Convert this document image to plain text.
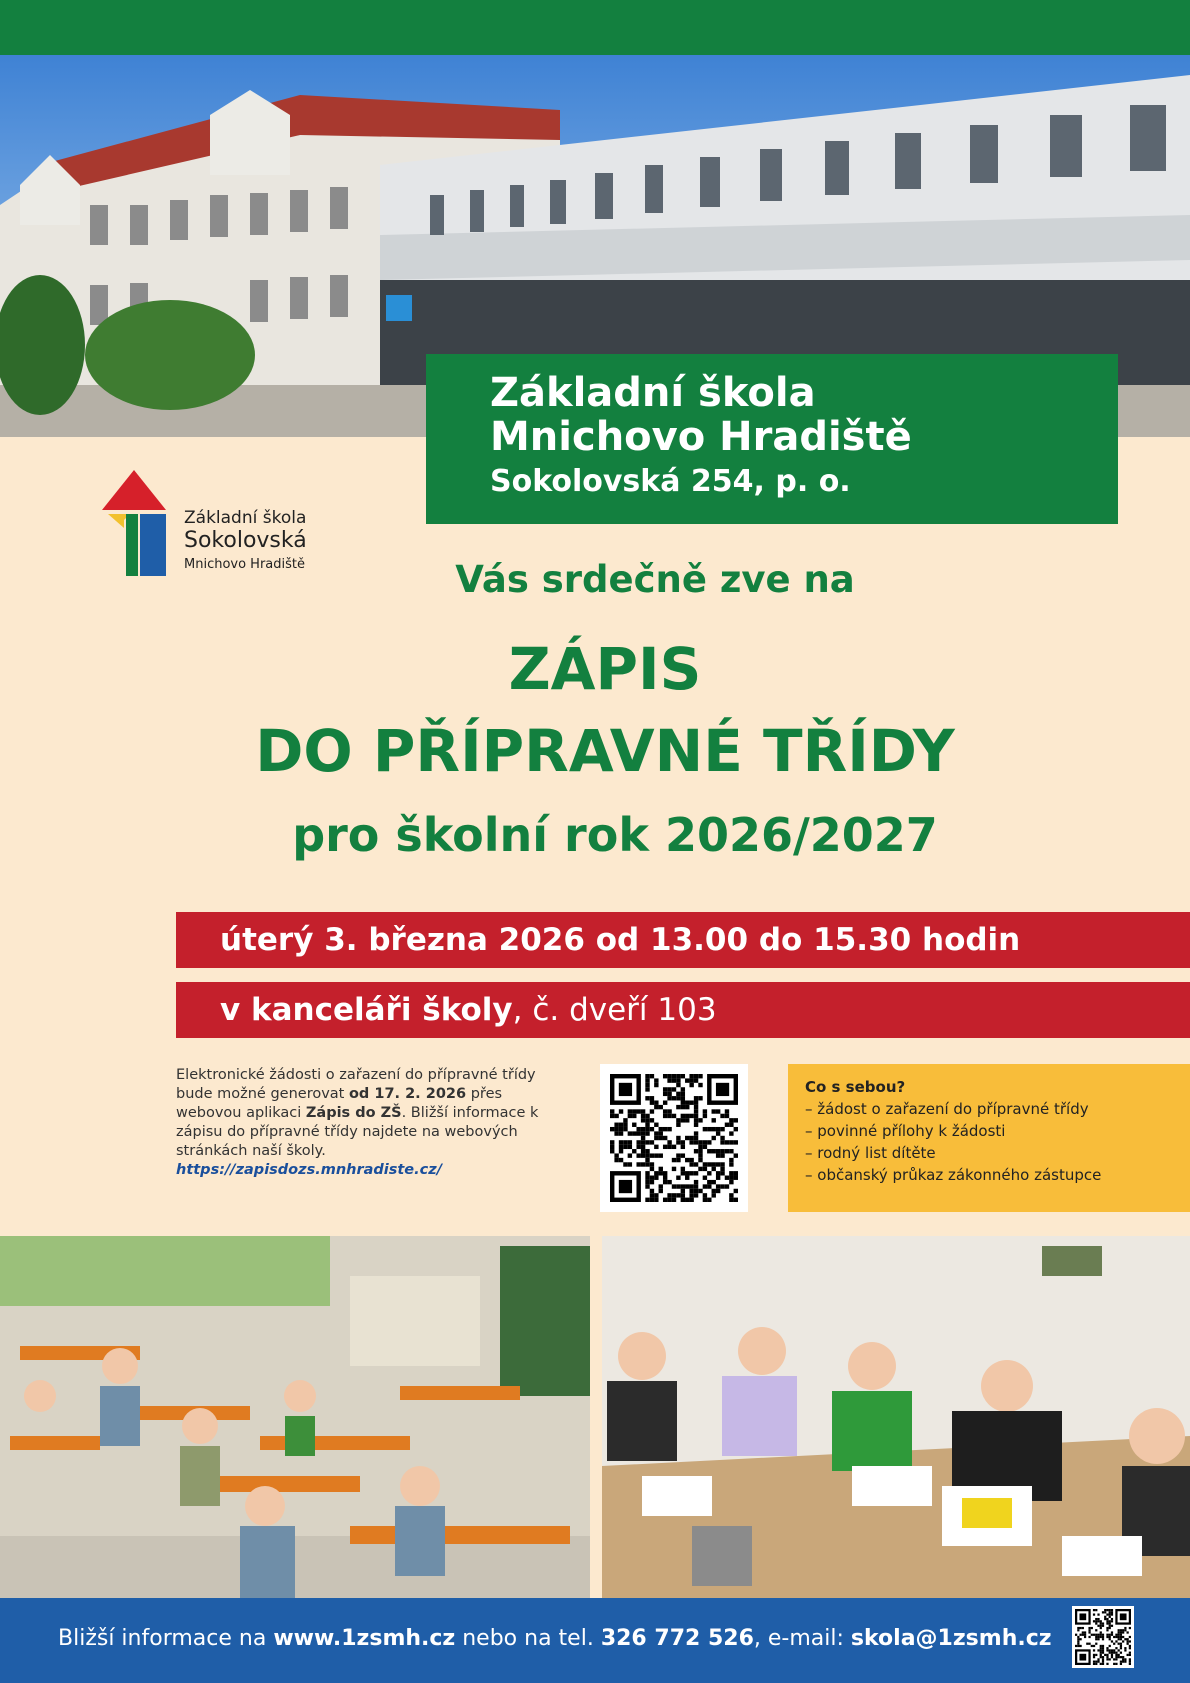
Základní škola
Mnichovo Hradiště
Sokolovská 254, p. o.
Základní škola
Sokolovská
Mnichovo Hradiště	Vás srdečně zve na
ZÁPIS
DO PŘÍPRAVNÉ TŘÍDY
pro školní rok 2026/2027
úterý 3. března 2026 od 13.00 do 15.30 hodin
v kanceláři školy, č. dveří 103
Elektronické žádosti o zařazení do přípravné třídy bude možné generovat od 17. 2. 2026 přes webovou aplikaci Zápis do ZŠ. Bližší informace k zápisu do přípravné třídy najdete na webových stránkách naší školy.
https://zapisdozs.mnhradiste.cz/
Co s sebou?
– žádost o zařazení do přípravné třídy
– povinné přílohy k žádosti
– rodný list dítěte
– občanský průkaz zákonného zástupce
Bližší informace na www.1zsmh.cz nebo na tel. 326 772 526, e-mail: skola@1zsmh.cz
